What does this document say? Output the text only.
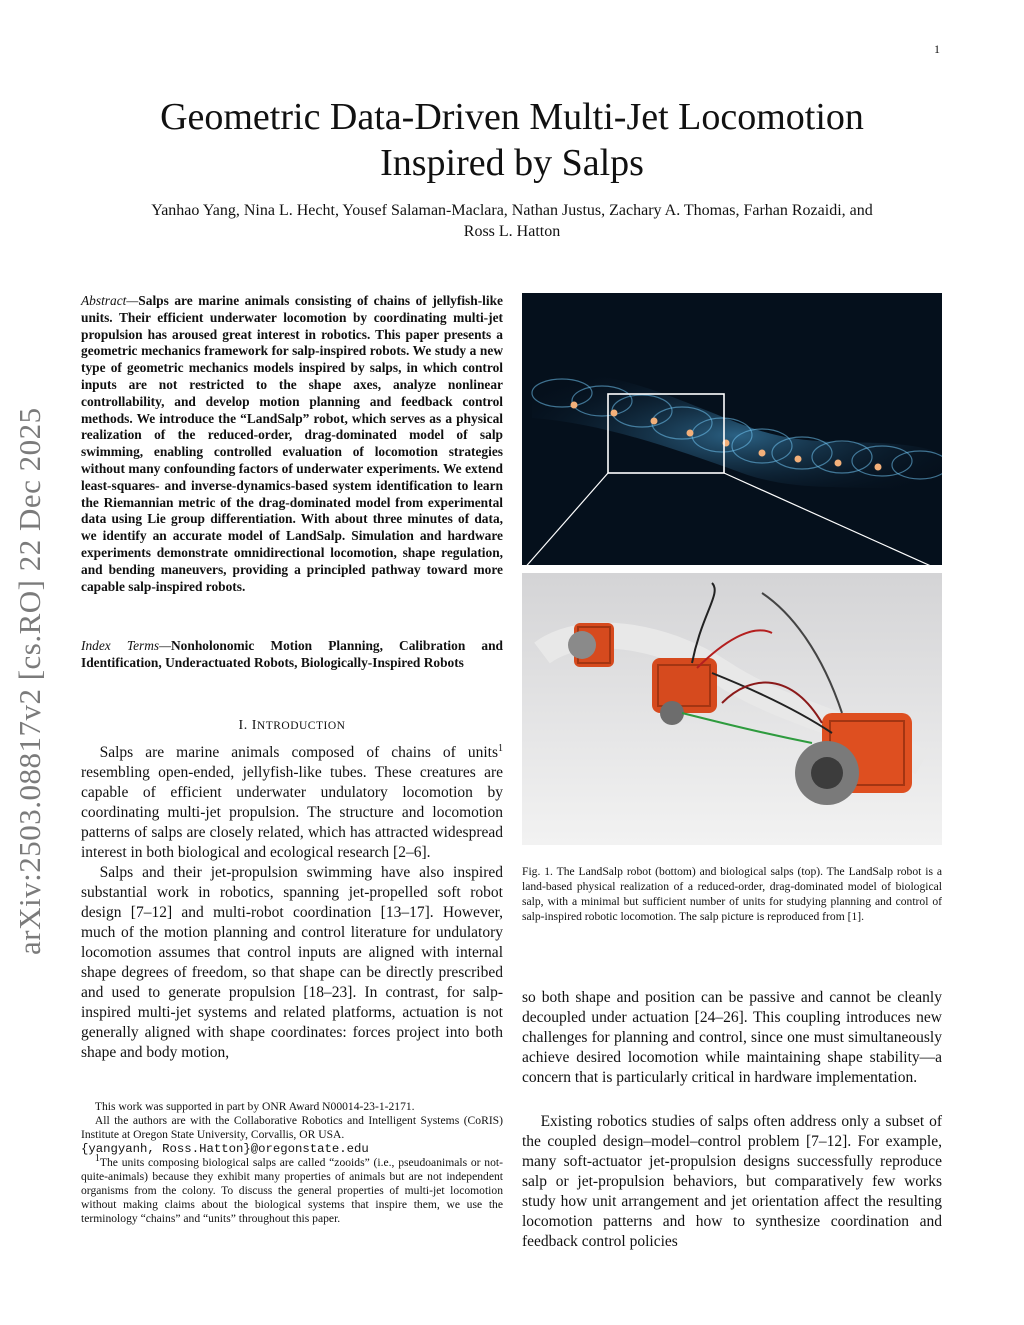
1
arXiv:2503.08817v2 [cs.RO] 22 Dec 2025
Geometric Data-Driven Multi-Jet Locomotion
Inspired by Salps
Yanhao Yang, Nina L. Hecht, Yousef Salaman-Maclara, Nathan Justus, Zachary A. Thomas, Farhan Rozaidi, and
Ross L. Hatton
Abstract—Salps are marine animals consisting of chains of jellyfish-like units. Their efficient underwater locomotion by coordinating multi-jet propulsion has aroused great interest in robotics. This paper presents a geometric mechanics framework for salp-inspired robots. We study a new type of geometric mechanics models inspired by salps, in which control inputs are not restricted to the shape axes, analyze nonlinear controllability, and develop motion planning and feedback control methods. We introduce the “LandSalp” robot, which serves as a physical realization of the reduced-order, drag-dominated model of salp swimming, enabling controlled evaluation of locomotion strategies without many confounding factors of underwater experiments. We extend least-squares- and inverse-dynamics-based system identification to learn the Riemannian metric of the drag-dominated model from experimental data using Lie group differentiation. With about three minutes of data, we identify an accurate model of LandSalp. Simulation and hardware experiments demonstrate omnidirectional locomotion, shape regulation, and bending maneuvers, providing a principled pathway toward more capable salp-inspired robots.
Index Terms—Nonholonomic Motion Planning, Calibration and Identification, Underactuated Robots, Biologically-Inspired Robots
I. INTRODUCTION

Salps are marine animals composed of chains of units$^1$ resembling open-ended, jellyfish-like tubes. These creatures are capable of efficient underwater undulatory locomotion by coordinating multi-jet propulsion. The structure and locomotion patterns of salps are closely related, which has attracted widespread interest in both biological and ecological research [2–6].

Salps and their jet-propulsion swimming have also inspired substantial work in robotics, spanning jet-propelled soft robot design [7–12] and multi-robot coordination [13–17]. However, much of the motion planning and control literature for undulatory locomotion assumes that control inputs are aligned with internal shape degrees of freedom, so that shape can be directly prescribed and used to generate propulsion [18–23]. In contrast, for salp-inspired multi-jet systems and related platforms, actuation is not generally aligned with shape coordinates: forces project into both shape and body motion,

This work was supported in part by ONR Award N00014-23-1-2171.

All the authors are with the Collaborative Robotics and Intelligent Systems (CoRIS) Institute at Oregon State University, Corvallis, OR USA.

{yangyanh, Ross.Hatton}@oregonstate.edu

$^1$The units composing biological salps are called “zooids” (i.e., pseudoanimals or not-quite-animals) because they exhibit many properties of animals but are not independent organisms from the colony. To discuss the general properties of multi-jet locomotion without making claims about the biological systems that inspire them, we use the terminology “chains” and “units” throughout this paper.

Fig. 1. The LandSalp robot (bottom) and biological salps (top). The LandSalp robot is a land-based physical realization of a reduced-order, drag-dominated model of biological salp, with a minimal but sufficient number of units for studying planning and control of salp-inspired robotic locomotion. The salp picture is reproduced from [1].
so both shape and position can be passive and cannot be cleanly decoupled under actuation [24–26]. This coupling introduces new challenges for planning and control, since one must simultaneously achieve desired locomotion while maintaining shape stability—a concern that is particularly critical in hardware implementation.
Existing robotics studies of salps often address only a subset of the coupled design–model–control problem [7–12]. For example, many soft-actuator jet-propulsion designs successfully reproduce salp or jet-propulsion behaviors, but comparatively few works study how unit arrangement and jet orientation affect the resulting locomotion patterns and how to synthesize coordination and feedback control policies
